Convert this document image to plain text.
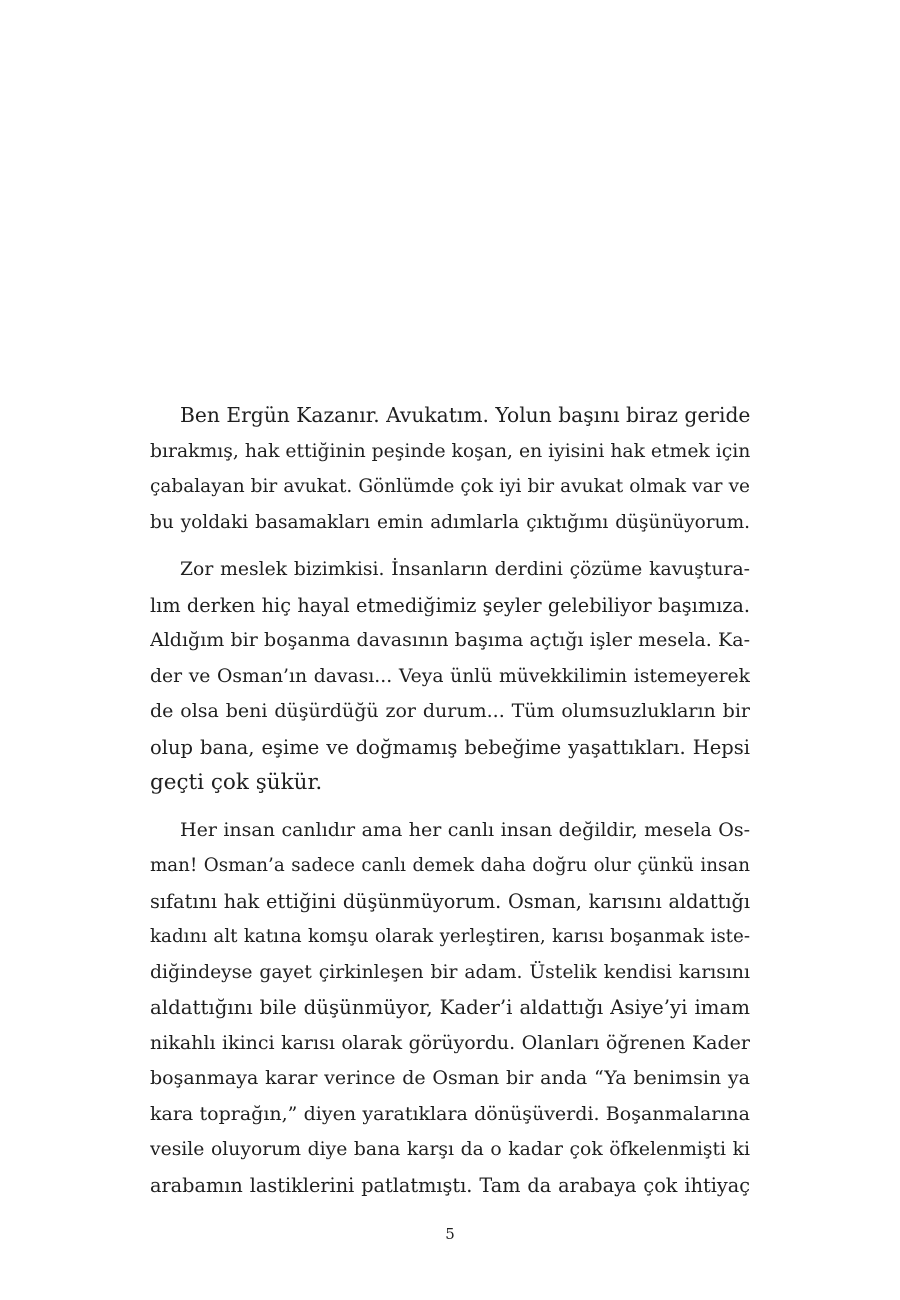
Ben Ergün Kazanır. Avukatım. Yolun başını biraz geride
bırakmış, hak ettiğinin peşinde koşan, en iyisini hak etmek için
çabalayan bir avukat. Gönlümde çok iyi bir avukat olmak var ve
bu yoldaki basamakları emin adımlarla çıktığımı düşünüyorum.

Zor meslek bizimkisi. İnsanların derdini çözüme kavuştura-
lım derken hiç hayal etmediğimiz şeyler gelebiliyor başımıza.
Aldığım bir boşanma davasının başıma açtığı işler mesela. Ka-
der ve Osman’ın davası... Veya ünlü müvekkilimin istemeyerek
de olsa beni düşürdüğü zor durum... Tüm olumsuzlukların bir
olup bana, eşime ve doğmamış bebeğime yaşattıkları. Hepsi
geçti çok şükür.

Her insan canlıdır ama her canlı insan değildir, mesela Os-
man! Osman’a sadece canlı demek daha doğru olur çünkü insan
sıfatını hak ettiğini düşünmüyorum. Osman, karısını aldattığı
kadını alt katına komşu olarak yerleştiren, karısı boşanmak iste-
diğindeyse gayet çirkinleşen bir adam. Üstelik kendisi karısını
aldattığını bile düşünmüyor, Kader’i aldattığı Asiye’yi imam
nikahlı ikinci karısı olarak görüyordu. Olanları öğrenen Kader
boşanmaya karar verince de Osman bir anda “Ya benimsin ya
kara toprağın,” diyen yaratıklara dönüşüverdi. Boşanmalarına
vesile oluyorum diye bana karşı da o kadar çok öfkelenmişti ki
arabamın lastiklerini patlatmıştı. Tam da arabaya çok ihtiyaç

5
